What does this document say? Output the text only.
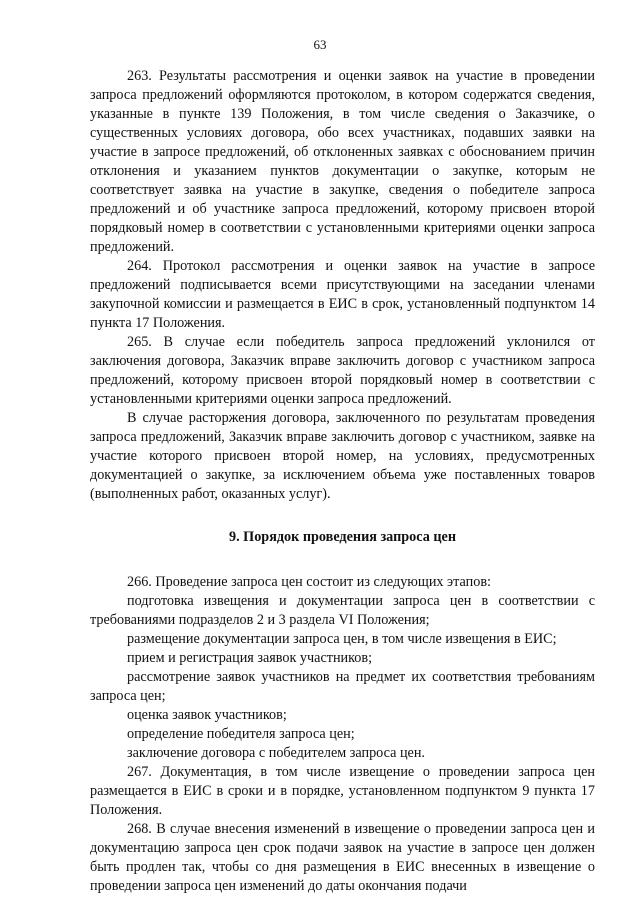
63

263. Результаты рассмотрения и оценки заявок на участие в проведении запроса предложений оформляются протоколом, в котором содержатся сведения, указанные в пункте 139 Положения, в том числе сведения о Заказчике, о существенных условиях договора, обо всех участниках, подавших заявки на участие в запросе предложений, об отклоненных заявках с обоснованием причин отклонения и указанием пунктов документации о закупке, которым не соответствует заявка на участие в закупке, сведения о победителе запроса предложений и об участнике запроса предложений, которому присвоен второй порядковый номер в соответствии с установленными критериями оценки запроса предложений.

264. Протокол рассмотрения и оценки заявок на участие в запросе предложений подписывается всеми присутствующими на заседании членами закупочной комиссии и размещается в ЕИС в срок, установленный подпунктом 14 пункта 17 Положения.

265. В случае если победитель запроса предложений уклонился от заключения договора, Заказчик вправе заключить договор с участником запроса предложений, которому присвоен второй порядковый номер в соответствии с установленными критериями оценки запроса предложений.

В случае расторжения договора, заключенного по результатам проведения запроса предложений, Заказчик вправе заключить договор с участником, заявке на участие которого присвоен второй номер, на условиях, предусмотренных документацией о закупке, за исключением объема уже поставленных товаров (выполненных работ, оказанных услуг).

9. Порядок проведения запроса цен

266. Проведение запроса цен состоит из следующих этапов:

подготовка извещения и документации запроса цен в соответствии с требованиями подразделов 2 и 3 раздела VI Положения;

размещение документации запроса цен, в том числе извещения в ЕИС;

прием и регистрация заявок участников;

рассмотрение заявок участников на предмет их соответствия требованиям запроса цен;

оценка заявок участников;

определение победителя запроса цен;

заключение договора с победителем запроса цен.

267. Документация, в том числе извещение о проведении запроса цен размещается в ЕИС в сроки и в порядке, установленном подпунктом 9 пункта 17 Положения.

268. В случае внесения изменений в извещение о проведении запроса цен и документацию запроса цен срок подачи заявок на участие в запросе цен должен быть продлен так, чтобы со дня размещения в ЕИС внесенных в извещение о проведении запроса цен изменений до даты окончания подачи
